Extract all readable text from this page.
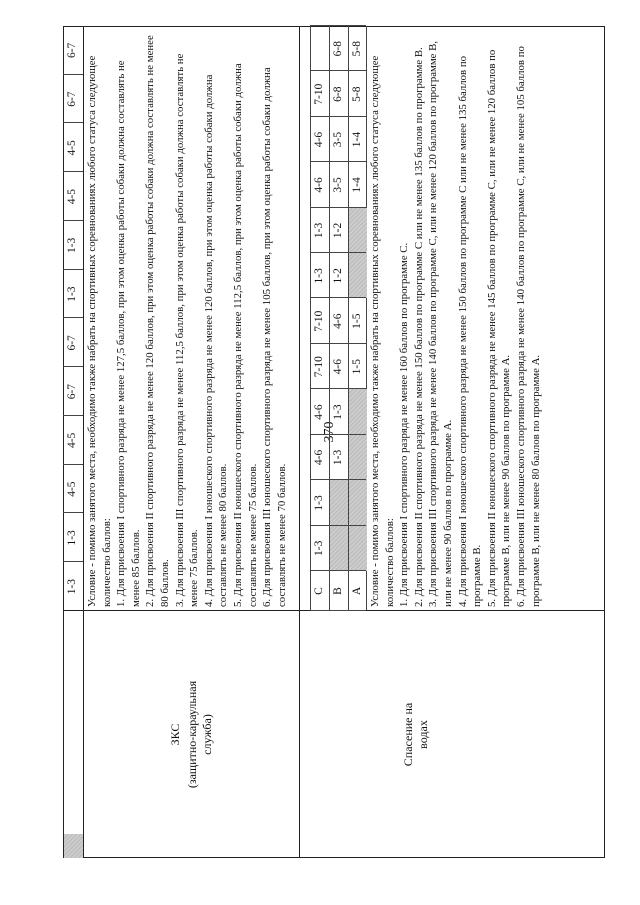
370
1-3
1-3
4-5
4-5
6-7
6-7
1-3
1-3
4-5
4-5
6-7
6-7
С
1-3
1-3
4-6
4-6
7-10
7-10
1-3
1-3
4-6
4-6
7-10
В
1-3
1-3
4-6
4-6
1-2
1-2
3-5
3-5
6-8
6-8
А
1-5
1-5
1-4
1-4
5-8
5-8
ЗКС (защитно-караульная служба)

Условие - помимо занятого места, необходимо также набрать на спортивных соревнованиях любого статуса следующее количество баллов: 1. Для присвоения I спортивного разряда не менее 127,5 баллов, при этом оценка работы собаки должна составлять не менее 85 баллов. 2. Для присвоения II спортивного разряда не менее 120 баллов, при этом оценка работы собаки должна составлять не менее 80 баллов. 3. Для присвоения III спортивного разряда не менее 112,5 баллов, при этом оценка работы собаки должна составлять не менее 75 баллов. 4. Для присвоения I юношеского спортивного разряда не менее 120 баллов, при этом оценка работы собаки должна составлять не менее 80 баллов. 5. Для присвоения II юношеского спортивного разряда не менее 112,5 баллов, при этом оценка работы собаки должна составлять не менее 75 баллов. 6. Для присвоения III юношеского спортивного разряда не менее 105 баллов, при этом оценка работы собаки должна составлять не менее 70 баллов.

Спасение на водах

Условие - помимо занятого места, необходимо также набрать на спортивных соревнованиях любого статуса следующее количество баллов: 1. Для присвоения I спортивного разряда не менее 160 баллов по программе С. 2. Для присвоения II спортивного разряда не менее 150 баллов по программе С или не менее 135 баллов по программе В. 3. Для присвоения III спортивного разряда не менее 140 баллов по программе С, или не менее 120 баллов по программе В, или не менее 90 баллов по программе А. 4. Для присвоения I юношеского спортивного разряда не менее 150 баллов по программе С или не менее 135 баллов по программе В. 5. Для присвоения II юношеского спортивного разряда не менее 145 баллов по программе С, или не менее 120 баллов по программе В, или не менее 90 баллов по программе А. 6. Для присвоения III юношеского спортивного разряда не менее 140 баллов по программе С, или не менее 105 баллов по программе В, или не менее 80 баллов по программе А.
